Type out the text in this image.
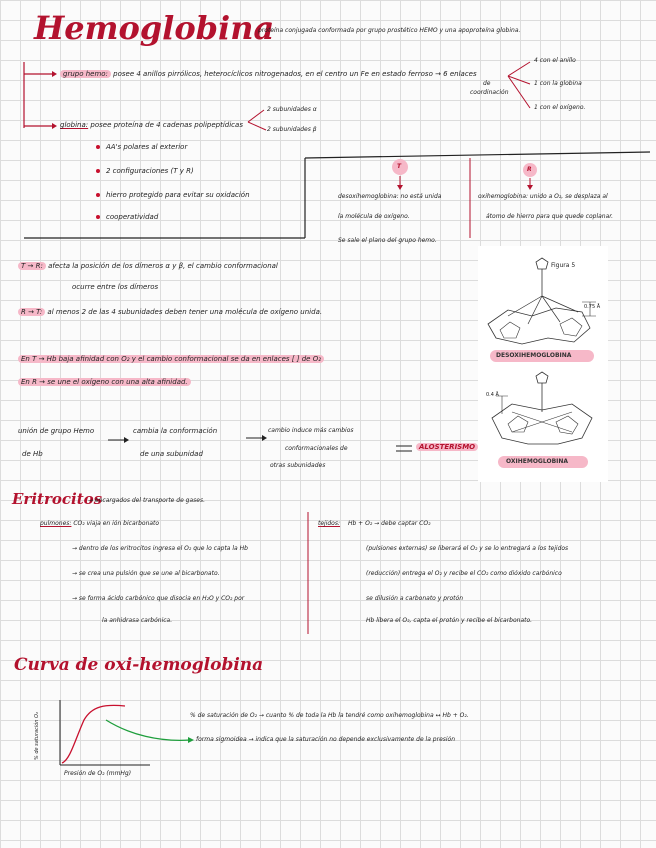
Hemoglobina
proteína conjugada conformada por grupo prostético HEMO y una apoproteína globina.
grupo hemo: posee 4 anillos pirrólicos, heterocíclicos nitrogenados, en el centro un Fe en estado ferroso → 6 enlaces
de
coordinación
4 con el anillo
1 con la globina
1 con el oxígeno.
globina: posee proteína de 4 cadenas polipeptídicas
2 subunidades α
2 subunidades β
AA's polares al exterior
2 configuraciones (T y R)
hierro protegido para evitar su oxidación
cooperatividad
T	R
desoxihemoglobina: no está unida
la molécula de oxígeno.
Se sale el plano del grupo hemo.
oxihemoglobina: unido a O₂, se desplaza al
átomo de hierro para que quede coplanar.
T → R: afecta la posición de los dímeros α y β, el cambio conformacional
ocurre entre los dímeros
R → T: al menos 2 de las 4 subunidades deben tener una molécula de oxígeno unida.
En T → Hb baja afinidad con O₂ y el cambio conformacional se da en enlaces [ ] de O₂
En R → se une el oxígeno con una alta afinidad.
Figura 5
0.75 Å
0.4 Å
DESOXIHEMOGLOBINA
OXIHEMOGLOBINA
unión de grupo Hemo
de Hb
cambia la conformación
de una subunidad
cambio induce más cambios
conformacionales de
otras subunidades
ALOSTERISMO
Eritrocitos
→ encargados del transporte de gases.
pulmones: CO₂ viaja en ión bicarbonato
→ dentro de los eritrocitos ingresa el O₂ que lo capta la Hb
→ se crea una pulsión que se une al bicarbonato.
→ se forma ácido carbónico que disocia en H₂O y CO₂ por
la anhidrasa carbónica.
tejidos: Hb + O₂ → debe captar CO₂
(pulsiones externas) se liberará el O₂ y se lo entregará a los tejidos
(reducción) entrega el O₂ y recibe el CO₂ como dióxido carbónico
se dilusión a carbonato y protón
Hb libera el O₂, capta el protón y recibe el bicarbonato.
Curva de oxi-hemoglobina
% de saturación O₂
Presión de O₂ (mmHg)
% de saturación de O₂ → cuanto % de toda la Hb la tendré como oxihemoglobina ↔ Hb + O₂.
forma sigmoidea → indica que la saturación no depende exclusivamente de la presión
